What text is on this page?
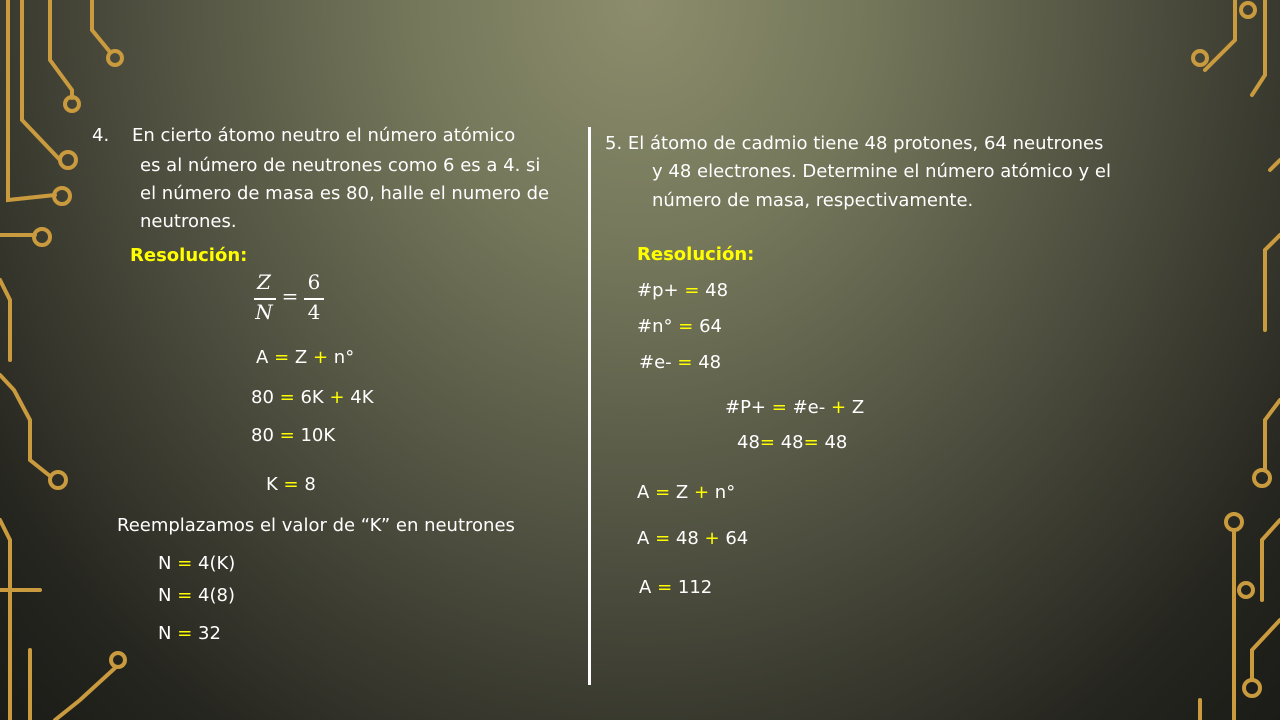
4. En cierto átomo neutro el número atómico
es al número de neutrones como 6 es a 4. si
el número de masa es 80, halle el numero de
neutrones.
Resolución:
Z
N
=
6
4
A = Z + n°
80 = 6K + 4K
80 = 10K
K = 8
Reemplazamos el valor de “K” en neutrones
N = 4(K)
N = 4(8)
N = 32
5. El átomo de cadmio tiene 48 protones, 64 neutrones
y 48 electrones. Determine el número atómico y el
número de masa, respectivamente.
Resolución:
#p+ = 48
#n° = 64
#e- = 48
#P+ = #e- + Z
48= 48= 48
A = Z + n°
A = 48 + 64
A = 112
